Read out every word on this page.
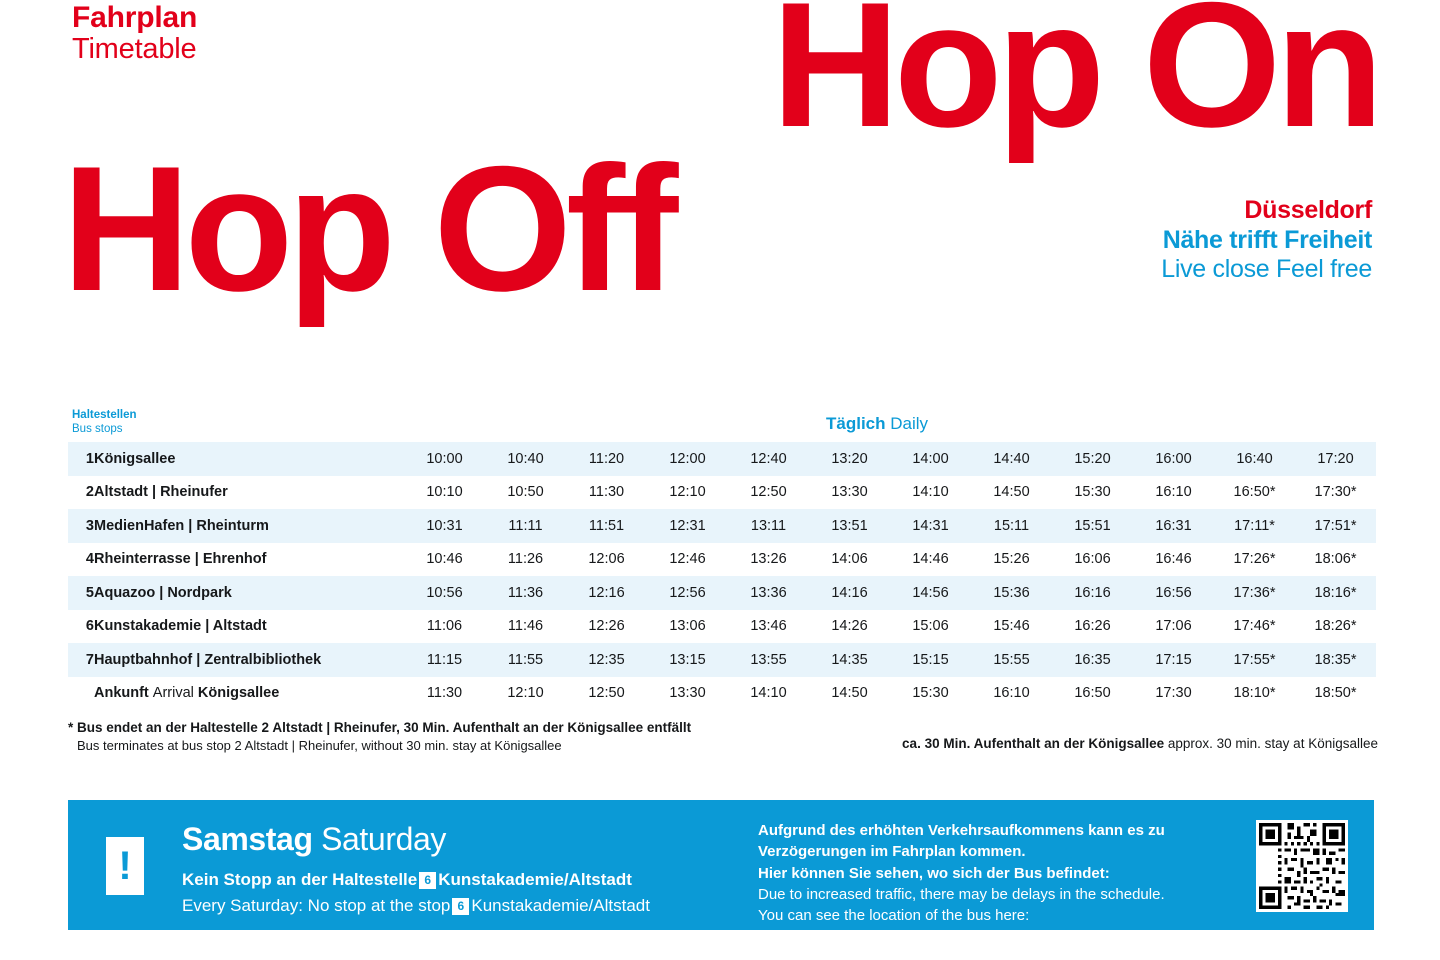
Fahrplan
Timetable	Hop On
Hop Off	Düsseldorf
Nähe trifft Freiheit
Live close Feel free
Haltestellen
Bus stops	Täglich Daily
1	Königsallee	10:00	10:40	11:20	12:00	12:40	13:20	14:00	14:40	15:20	16:00	16:40	17:20
2	Altstadt | Rheinufer	10:10	10:50	11:30	12:10	12:50	13:30	14:10	14:50	15:30	16:10	16:50*	17:30*
3	MedienHafen | Rheinturm	10:31	11:11	11:51	12:31	13:11	13:51	14:31	15:11	15:51	16:31	17:11*	17:51*
4	Rheinterrasse | Ehrenhof	10:46	11:26	12:06	12:46	13:26	14:06	14:46	15:26	16:06	16:46	17:26*	18:06*
5	Aquazoo | Nordpark	10:56	11:36	12:16	12:56	13:36	14:16	14:56	15:36	16:16	16:56	17:36*	18:16*
6	Kunstakademie | Altstadt	11:06	11:46	12:26	13:06	13:46	14:26	15:06	15:46	16:26	17:06	17:46*	18:26*
7	Hauptbahnhof | Zentralbibliothek	11:15	11:55	12:35	13:15	13:55	14:35	15:15	15:55	16:35	17:15	17:55*	18:35*
	Ankunft Arrival Königsallee	11:30	12:10	12:50	13:30	14:10	14:50	15:30	16:10	16:50	17:30	18:10*	18:50*
* Bus endet an der Haltestelle 2 Altstadt | Rheinufer, 30 Min. Aufenthalt an der Königsallee entfällt
Bus terminates at bus stop 2 Altstadt | Rheinufer, without 30 min. stay at Königsallee	ca. 30 Min. Aufenthalt an der Königsallee approx. 30 min. stay at Königsallee
!
Samstag Saturday
Kein Stopp an der Haltestelle 6 Kunstakademie/Altstadt
Every Saturday: No stop at the stop 6 Kunstakademie/Altstadt
Aufgrund des erhöhten Verkehrsaufkommens kann es zu
Verzögerungen im Fahrplan kommen.
Hier können Sie sehen, wo sich der Bus befindet:
Due to increased traffic, there may be delays in the schedule.
You can see the location of the bus here:
